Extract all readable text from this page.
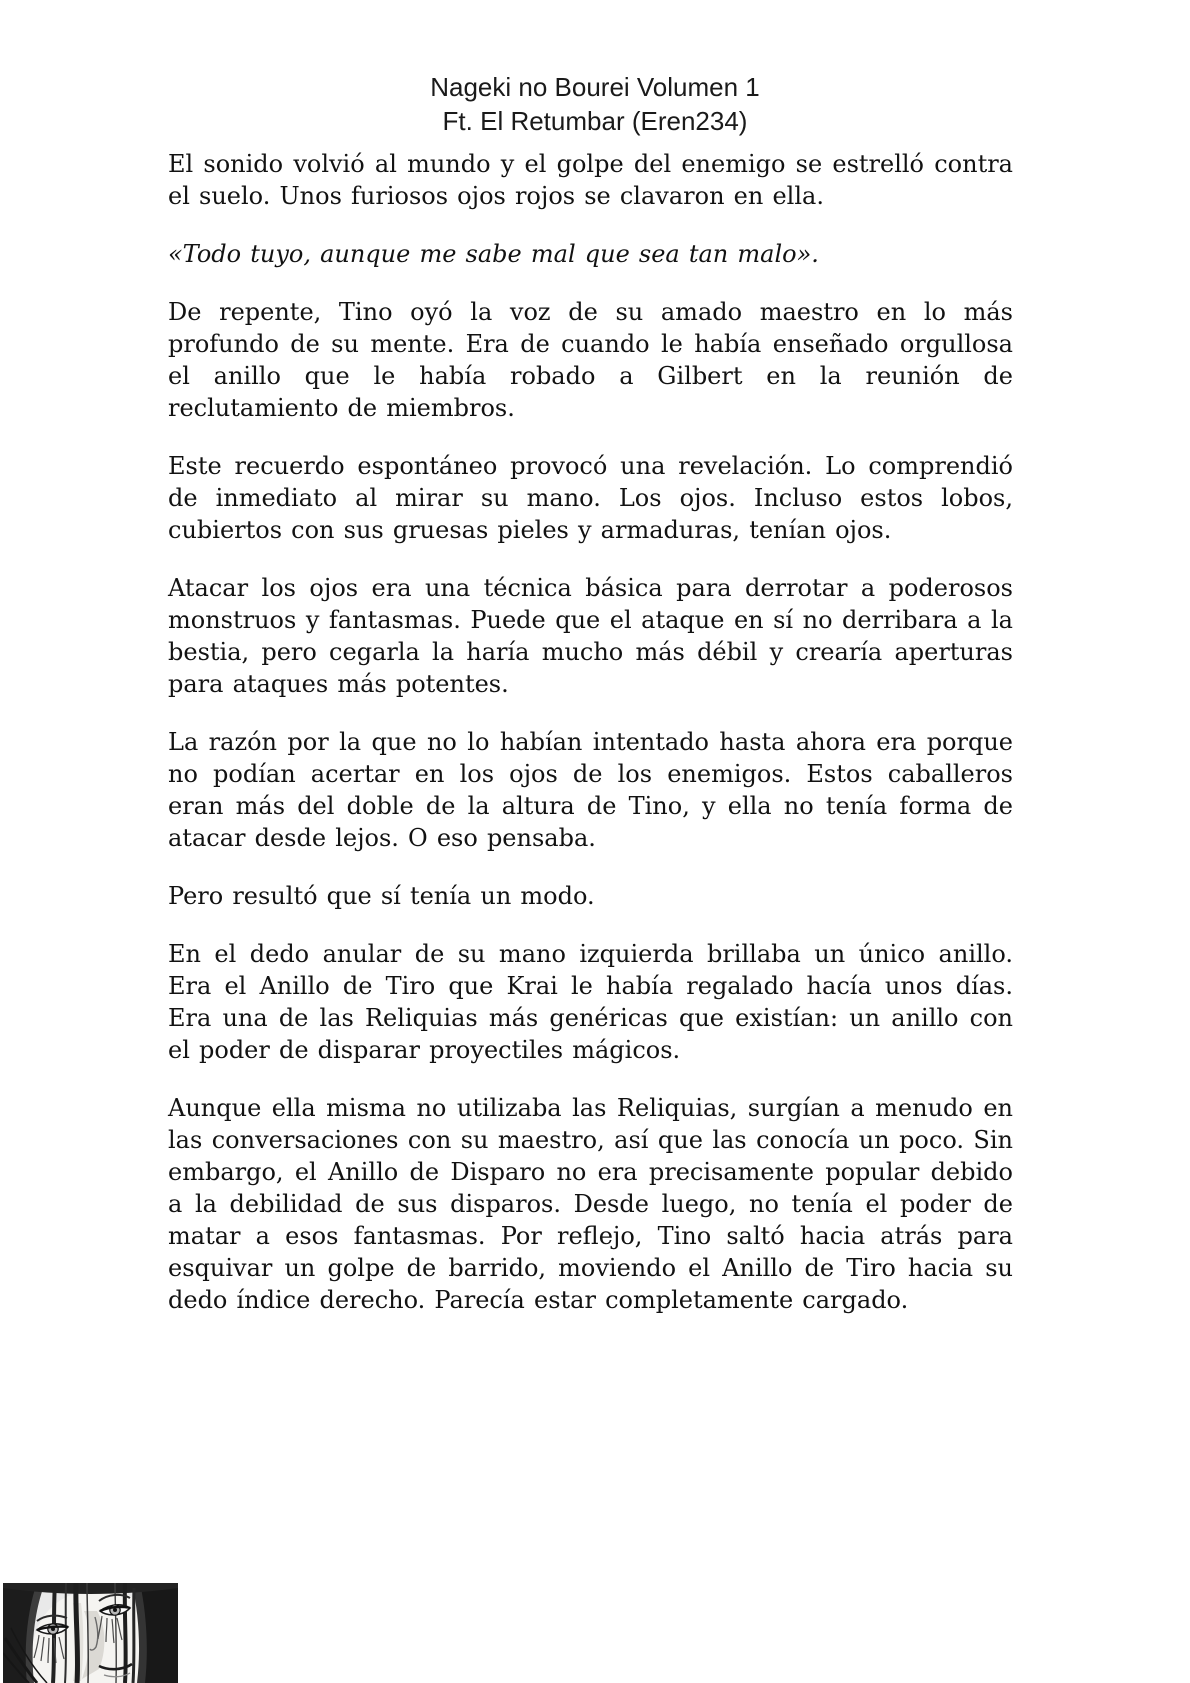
Nageki no Bourei Volumen 1
Ft. El Retumbar (Eren234)

El sonido volvió al mundo y el golpe del enemigo se estrelló contra el suelo. Unos furiosos ojos rojos se clavaron en ella.

«Todo tuyo, aunque me sabe mal que sea tan malo».

De repente, Tino oyó la voz de su amado maestro en lo más profundo de su mente. Era de cuando le había enseñado orgullosa el anillo que le había robado a Gilbert en la reunión de reclutamiento de miembros.

Este recuerdo espontáneo provocó una revelación. Lo comprendió de inmediato al mirar su mano. Los ojos. Incluso estos lobos, cubiertos con sus gruesas pieles y armaduras, tenían ojos.

Atacar los ojos era una técnica básica para derrotar a poderosos monstruos y fantasmas. Puede que el ataque en sí no derribara a la bestia, pero cegarla la haría mucho más débil y crearía aperturas para ataques más potentes.

La razón por la que no lo habían intentado hasta ahora era porque no podían acertar en los ojos de los enemigos. Estos caballeros eran más del doble de la altura de Tino, y ella no tenía forma de atacar desde lejos. O eso pensaba.

Pero resultó que sí tenía un modo.

En el dedo anular de su mano izquierda brillaba un único anillo. Era el Anillo de Tiro que Krai le había regalado hacía unos días. Era una de las Reliquias más genéricas que existían: un anillo con el poder de disparar proyectiles mágicos.

Aunque ella misma no utilizaba las Reliquias, surgían a menudo en las conversaciones con su maestro, así que las conocía un poco. Sin embargo, el Anillo de Disparo no era precisamente popular debido a la debilidad de sus disparos. Desde luego, no tenía el poder de matar a esos fantasmas. Por reflejo, Tino saltó hacia atrás para esquivar un golpe de barrido, moviendo el Anillo de Tiro hacia su dedo índice derecho. Parecía estar completamente cargado.
